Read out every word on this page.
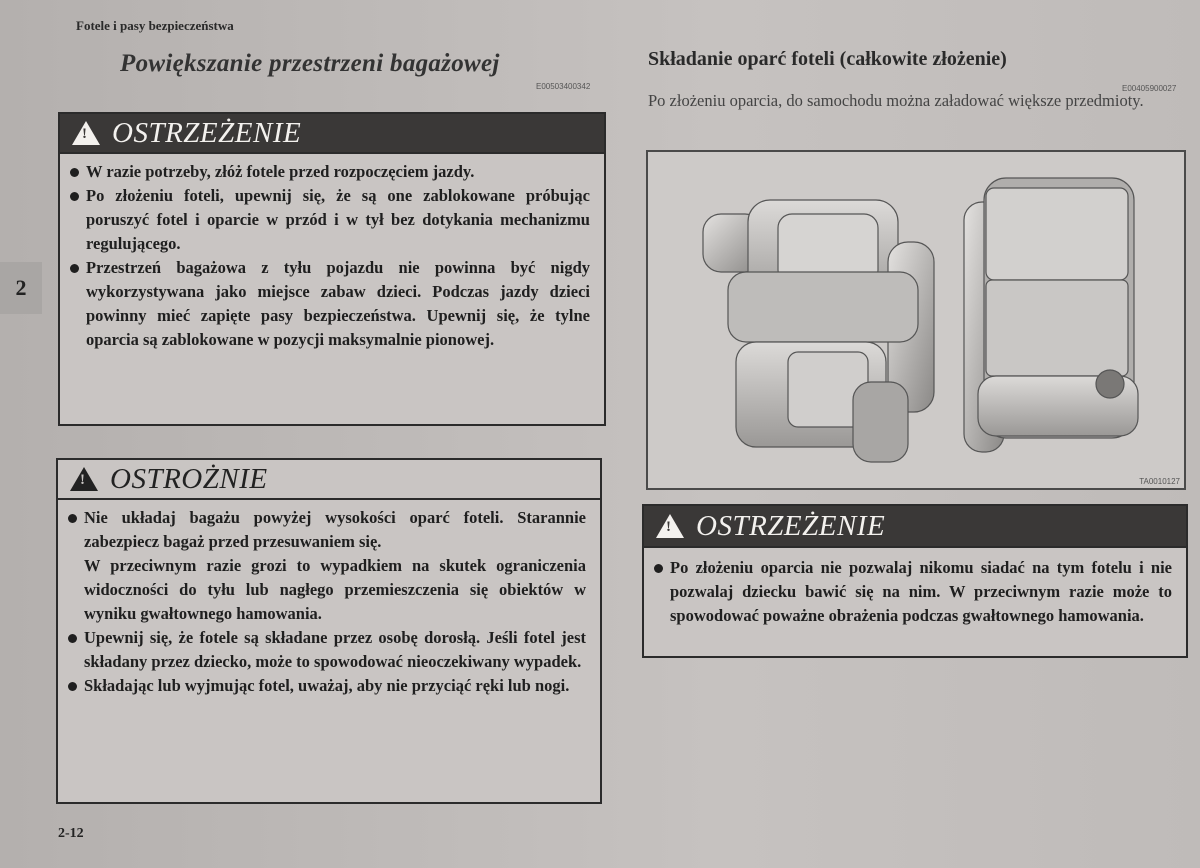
Fotele i pasy bezpieczeństwa
Powiększanie przestrzeni bagażowej
E00503400342
2
!
OSTRZEŻENIE
W razie potrzeby, złóż fotele przed rozpoczęciem jazdy.
Po złożeniu foteli, upewnij się, że są one zablokowane próbując poruszyć fotel i oparcie w przód i w tył bez dotykania mechanizmu regulującego.
Przestrzeń bagażowa z tyłu pojazdu nie powinna być nigdy wykorzystywana jako miejsce zabaw dzieci. Podczas jazdy dzieci powinny mieć zapięte pasy bezpieczeństwa. Upewnij się, że tylne oparcia są zablokowane w pozycji maksymalnie pionowej.
!
OSTROŻNIE
Nie układaj bagażu powyżej wysokości oparć foteli. Starannie zabezpiecz bagaż przed przesuwaniem się.
W przeciwnym razie grozi to wypadkiem na skutek ograniczenia widoczności do tyłu lub nagłego przemieszczenia się obiektów w wyniku gwałtownego hamowania.
Upewnij się, że fotele są składane przez osobę dorosłą. Jeśli fotel jest składany przez dziecko, może to spowodować nieoczekiwany wypadek.
Składając lub wyjmując fotel, uważaj, aby nie przyciąć ręki lub nogi.
2-12
Składanie oparć foteli (całkowite złożenie)
E00405900027
Po złożeniu oparcia, do samochodu można załadować większe przedmioty.
TA0010127
!
OSTRZEŻENIE
Po złożeniu oparcia nie pozwalaj nikomu siadać na tym fotelu i nie pozwalaj dziecku bawić się na nim. W przeciwnym razie może to spowodować poważne obrażenia podczas gwałtownego hamowania.
